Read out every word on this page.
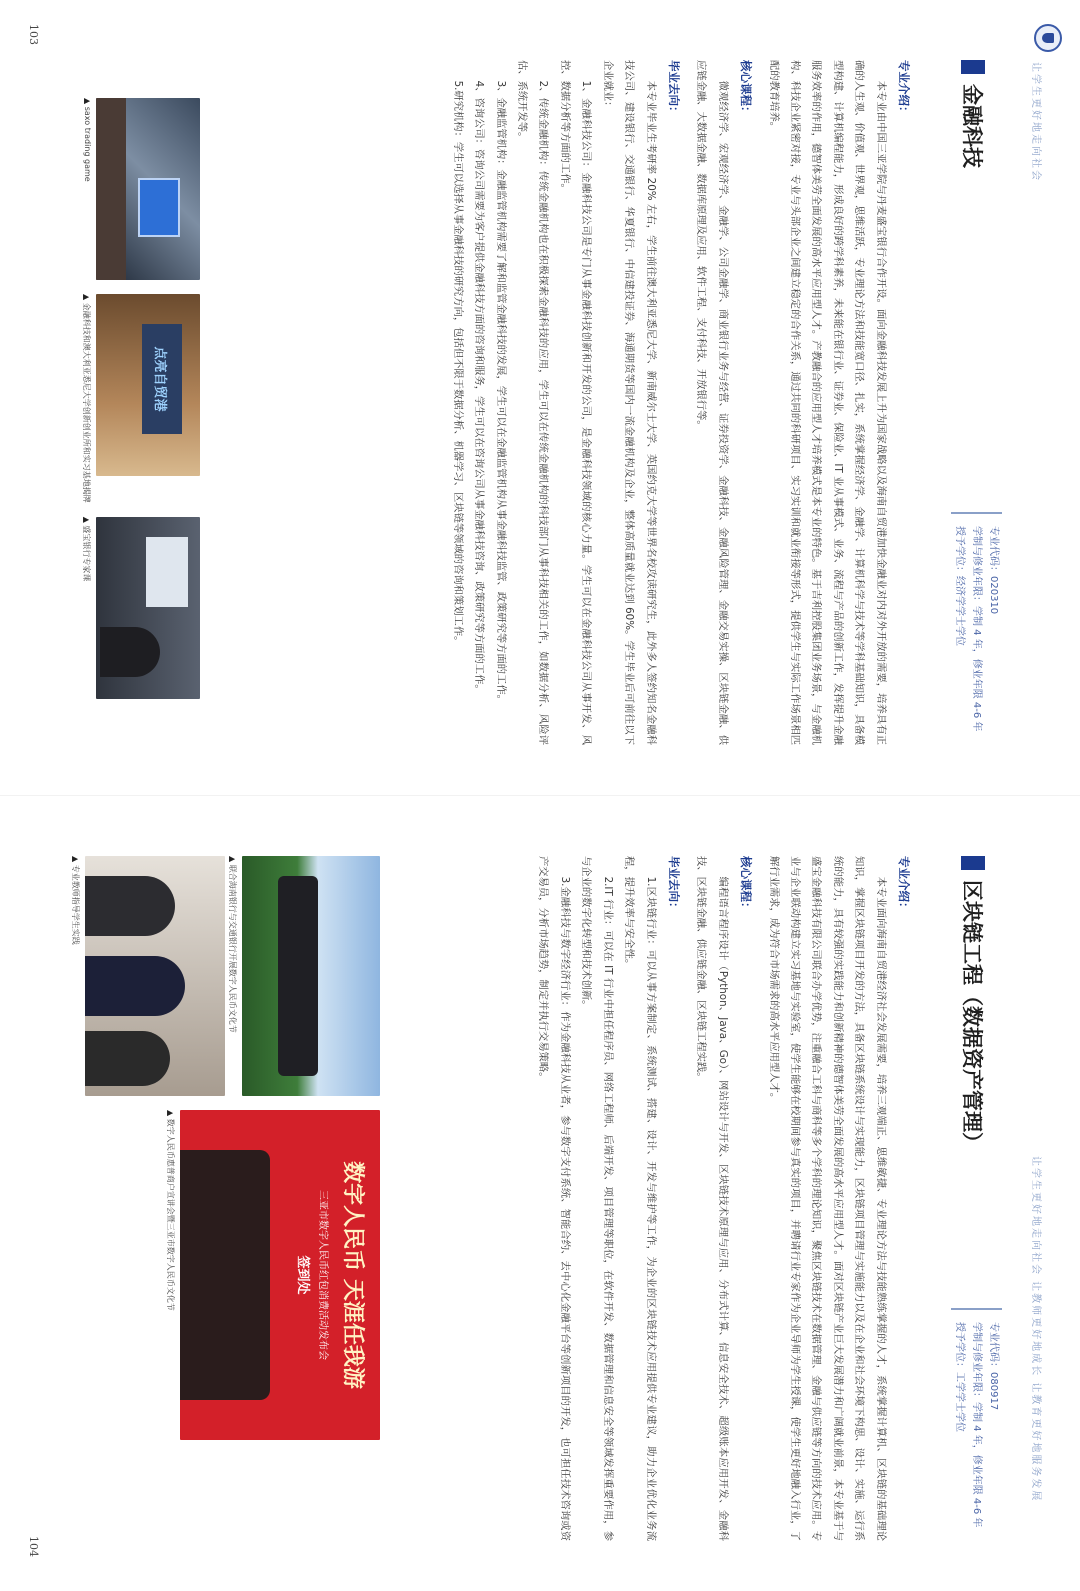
让学生更好地走向社会
金融科技
专业代码：020310
学制与修业年限：学制 4 年，修业年限 4-6 年
授予学位：经济学学士学位
专业介绍：

本专业由中国三亚学院与丹麦盛宝银行合作开设。面向金融科技发展上升为国家战略以及海南自贸港加快金融业对内对外开放的需要，培养具有正确的人生观、价值观、世界观，思维活跃，专业理论方法和技能宽口径、扎实，系统掌握经济学、金融学、计算机科学与技术等学科基础知识，具备模型构建、计算机编程能力，形成良好的跨学科素养，未来能在银行业、证券业、保险业、IT 业从事模式、业务、流程与产品的创新工作，发挥提升金融服务效率的作用，德智体美劳全面发展的高水平应用型人才。产教融合的应用型人才培养模式是本专业的特色。基于吉利控股集团业务场景，与金融机构、科技企业紧密对接，专业与头部企业之间建立稳定的合作关系，通过共同的科研项目、实习实训和就业衔接等形式，提供学生与实际工作场景相匹配的教育培养。

核心课程：

微观经济学、宏观经济学、金融学、公司金融学、商业银行业务与经营、证券投资学、金融科技、金融风险管理、金融交易实操、区块链金融、供应链金融、大数据金融、数据库原理及应用、软件工程、支付科技、开放银行等。

毕业去向：

本专业毕业生考研率 20% 左右，学生前往澳大利亚悉尼大学、新南威尔士大学、英国约克大学等世界名校攻读研究生，此外多人签约知名金融科技公司、建设银行、交通银行、华夏银行、中信建投证券、海通期货等国内一流金融机构及企业，整体高质量就业达到 60%。学生毕业后可前往以下企业就业：

1、金融科技公司：金融科技公司是专门从事金融科技创新和开发的公司，是金融科技领域的核心力量。学生可以在金融科技公司从事开发、风控、数据分析等方面的工作。

2、传统金融机构：传统金融机构也在积极探索金融科技的应用，学生可以在传统金融机构的科技部门从事科技相关的工作，如数据分析、风险评估、系统开发等。

3、金融监管机构：金融监管机构需要了解和监管金融科技的发展，学生可以在金融监管机构从事金融科技监管、政策研究等方面的工作。

4、咨询公司：咨询公司需要为客户提供金融科技方面的咨询和服务，学生可以在咨询公司从事金融科技咨询、政策研究等方面的工作。

5.研究机构：学生可以选择从事金融科技的研究方向，包括但不限于数据分析、机器学习、区块链等领域的咨询和策划工作。

▲ saxo trading game
点亮自贸港
▲ 金融科技和澳大利亚悉尼大学创新创业所和实习基地揭牌
▲ 盛宝银行专家课
103
让学生更好地走向社会 让教师更好地成长 让教育更好地服务发展
区块链工程（数据资产管理）
专业代码：080917
学制与修业年限：学制 4 年，修业年限 4-6 年
授予学位：工学学士学位
专业介绍：

本专业面向海南自贸港经济社会发展需要，培养三观端正、思维敏捷、专业理论方法与技能熟练掌握的人才，系统掌握计算机、区块链的基础理论知识，掌握区块链项目开发的方法，具备区块链系统设计与实现能力，区块链项目管理与实施能力以及在企业和社会环境下构思、设计、实施、运行系统的能力，具有较强的实践能力和创新精神的德智体美劳全面发展的高水平应用型人才。面对区块链产业巨大发展潜力和广阔就业前景，本专业基于与盛宝金融科技有限公司联合办学优势，注重融合工科与商科等多个学科的理论知识，聚焦区块链技术在数据管理、金融与供应链等方向的技术应用。专业与企业联动构建立实习基地与实验室，使学生能够在校期间参与真实的项目，并聘请行业专家作为企业导师为学生授课，使学生更好地融入行业，了解行业需求，成为符合市场需求的高水平应用型人才。

核心课程：

编程语言程序设计（Python、Java、Go）、网站设计与开发、区块链技术原理与应用、分布式计算、信息安全技术、超级账本应用开发、金融科技、区块链金融、供应链金融、区块链工程实践。

毕业去向：

1.区块链行业：可以从事方案制定、系统测试、搭建、设计、开发与维护等工作，为企业的区块链技术应用提供专业建议，助力企业优化业务流程，提升效率与安全性。

2.IT 行业：可以在 IT 行业中担任程序员、网络工程师、后端开发、项目管理等职位，在软件开发、数据管理和信息安全等领域发挥重要作用，参与企业的数字化转型和技术创新。

3.金融科技与数字经济行业：作为金融科技从业者，参与数字支付系统、智能合约、去中心化金融平台等创新项目的开发，也可担任技术咨询或资产交易员，分析市场趋势，制定并执行交易策略。

▲ 联合海南银行与交通银行开展数字人民币文化节
数字人民币 天涯任我游
三亚市数字人民币红包消费活动发布会
签到处
▲ 数字人民币惠普商户宣讲会暨三亚市数字人民币文化节
▲ 专业教师指导学生实践
104
